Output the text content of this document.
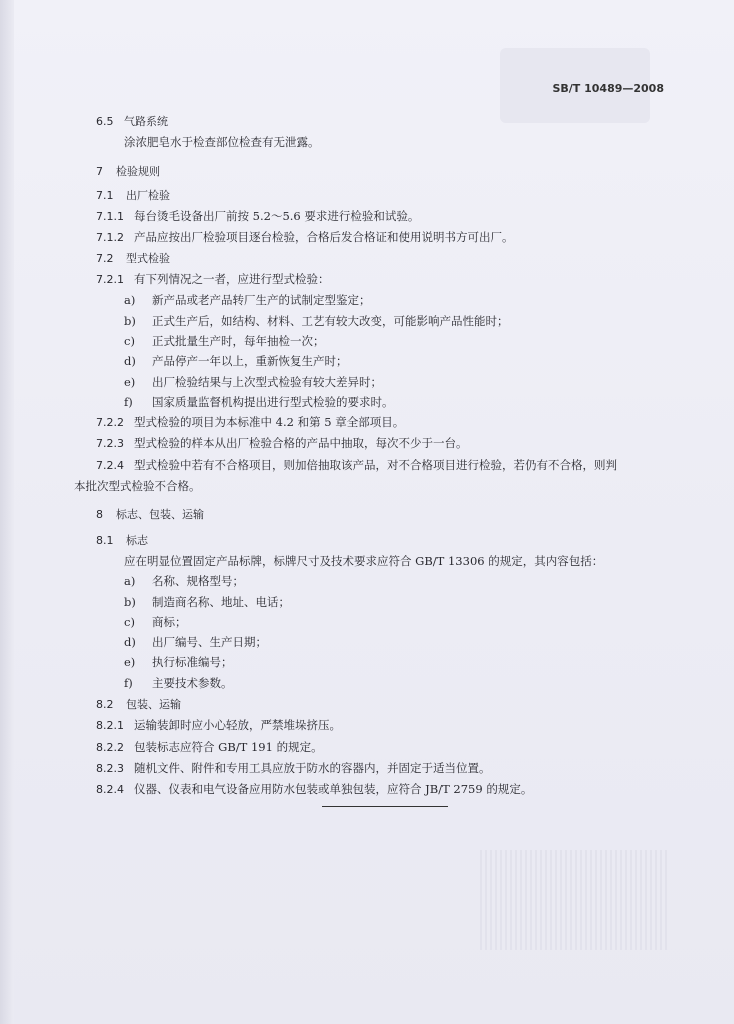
SB/T 10489—2008
6.5 气路系统
涂浓肥皂水于检查部位检查有无泄露。
7 检验规则
7.1 出厂检验
7.1.1 每台烫毛设备出厂前按 5.2～5.6 要求进行检验和试验。
7.1.2 产品应按出厂检验项目逐台检验，合格后发合格证和使用说明书方可出厂。
7.2 型式检验
7.2.1 有下列情况之一者，应进行型式检验：
a) 新产品或老产品转厂生产的试制定型鉴定；
b) 正式生产后，如结构、材料、工艺有较大改变，可能影响产品性能时；
c) 正式批量生产时，每年抽检一次；
d) 产品停产一年以上，重新恢复生产时；
e) 出厂检验结果与上次型式检验有较大差异时；
f) 国家质量监督机构提出进行型式检验的要求时。
7.2.2 型式检验的项目为本标准中 4.2 和第 5 章全部项目。
7.2.3 型式检验的样本从出厂检验合格的产品中抽取，每次不少于一台。
7.2.4 型式检验中若有不合格项目，则加倍抽取该产品，对不合格项目进行检验，若仍有不合格，则判
本批次型式检验不合格。
8 标志、包装、运输
8.1 标志
应在明显位置固定产品标牌，标牌尺寸及技术要求应符合 GB/T 13306 的规定，其内容包括：
a) 名称、规格型号；
b) 制造商名称、地址、电话；
c) 商标；
d) 出厂编号、生产日期；
e) 执行标准编号；
f) 主要技术参数。
8.2 包装、运输
8.2.1 运输装卸时应小心轻放，严禁堆垛挤压。
8.2.2 包装标志应符合 GB/T 191 的规定。
8.2.3 随机文件、附件和专用工具应放于防水的容器内，并固定于适当位置。
8.2.4 仪器、仪表和电气设备应用防水包装或单独包装，应符合 JB/T 2759 的规定。
